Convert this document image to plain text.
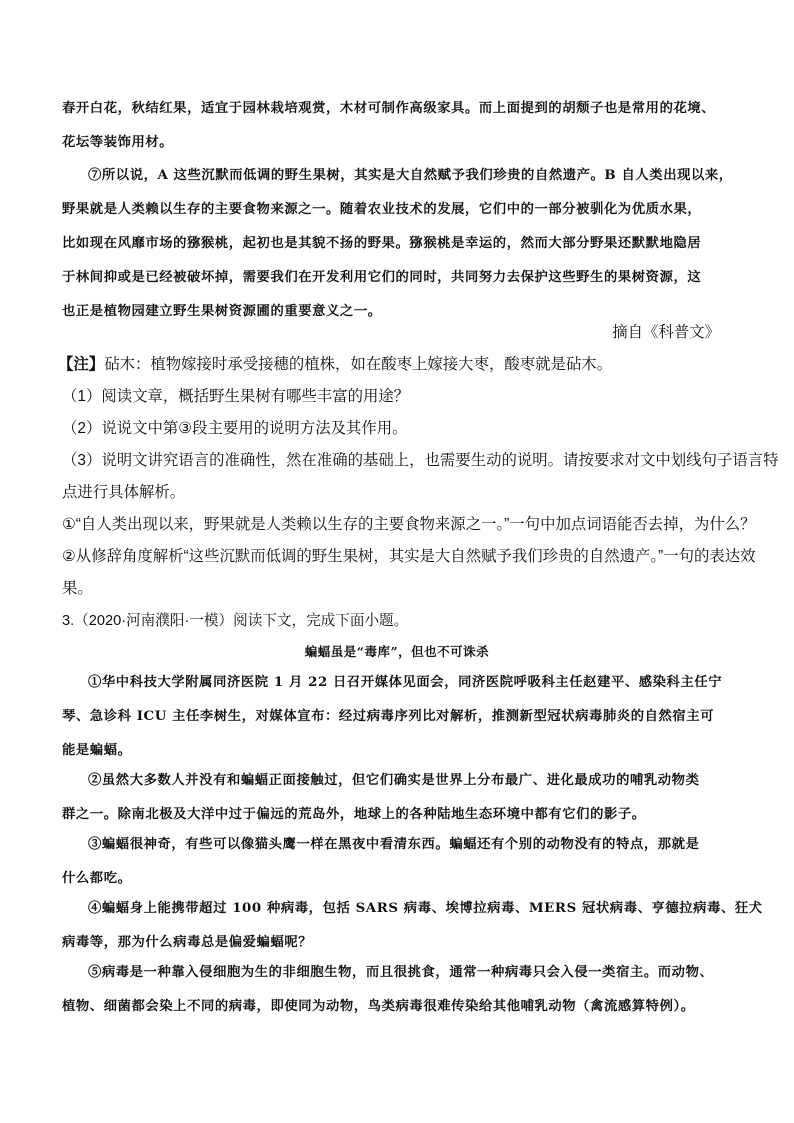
春开白花，秋结红果，适宜于园林栽培观赏，木材可制作高级家具。而上面提到的胡颓子也是常用的花境、
花坛等装饰用材。
⑦所以说，A 这些沉默而低调的野生果树，其实是大自然赋予我们珍贵的自然遗产。B 自人类出现以来，
野果就是人类赖以生存的主要食物来源之一。随着农业技术的发展，它们中的一部分被驯化为优质水果，
比如现在风靡市场的猕猴桃，起初也是其貌不扬的野果。猕猴桃是幸运的，然而大部分野果还默默地隐居
于林间抑或是已经被破坏掉，需要我们在开发利用它们的同时，共同努力去保护这些野生的果树资源，这
也正是植物园建立野生果树资源圃的重要意义之一。

摘自《科普文》

【注】砧木：植物嫁接时承受接穗的植株，如在酸枣上嫁接大枣，酸枣就是砧木。

（1）阅读文章，概括野生果树有哪些丰富的用途？

（2）说说文中第③段主要用的说明方法及其作用。

（3）说明文讲究语言的准确性，然在准确的基础上，也需要生动的说明。请按要求对文中划线句子语言特

点进行具体解析。

①“自人类出现以来，野果就是人类赖以生存的主要食物来源之一。”一句中加点词语能否去掉，为什么？

②从修辞角度解析“这些沉默而低调的野生果树，其实是大自然赋予我们珍贵的自然遗产。”一句的表达效

果。

3.（2020·河南濮阳·一模）阅读下文，完成下面小题。

蝙蝠虽是“毒库”，但也不可诛杀

①华中科技大学附属同济医院 1 月 22 日召开媒体见面会，同济医院呼吸科主任赵建平、感染科主任宁
琴、急诊科 ICU 主任李树生，对媒体宣布：经过病毒序列比对解析，推测新型冠状病毒肺炎的自然宿主可
能是蝙蝠。
②虽然大多数人并没有和蝙蝠正面接触过，但它们确实是世界上分布最广、进化最成功的哺乳动物类
群之一。除南北极及大洋中过于偏远的荒岛外，地球上的各种陆地生态环境中都有它们的影子。
③蝙蝠很神奇，有些可以像猫头鹰一样在黑夜中看清东西。蝙蝠还有个别的动物没有的特点，那就是
什么都吃。
④蝙蝠身上能携带超过 100 种病毒，包括 SARS 病毒、埃博拉病毒、MERS 冠状病毒、亨德拉病毒、狂犬
病毒等，那为什么病毒总是偏爱蝙蝠呢？
⑤病毒是一种靠入侵细胞为生的非细胞生物，而且很挑食，通常一种病毒只会入侵一类宿主。而动物、
植物、细菌都会染上不同的病毒，即使同为动物，鸟类病毒很难传染给其他哺乳动物（禽流感算特例）。
